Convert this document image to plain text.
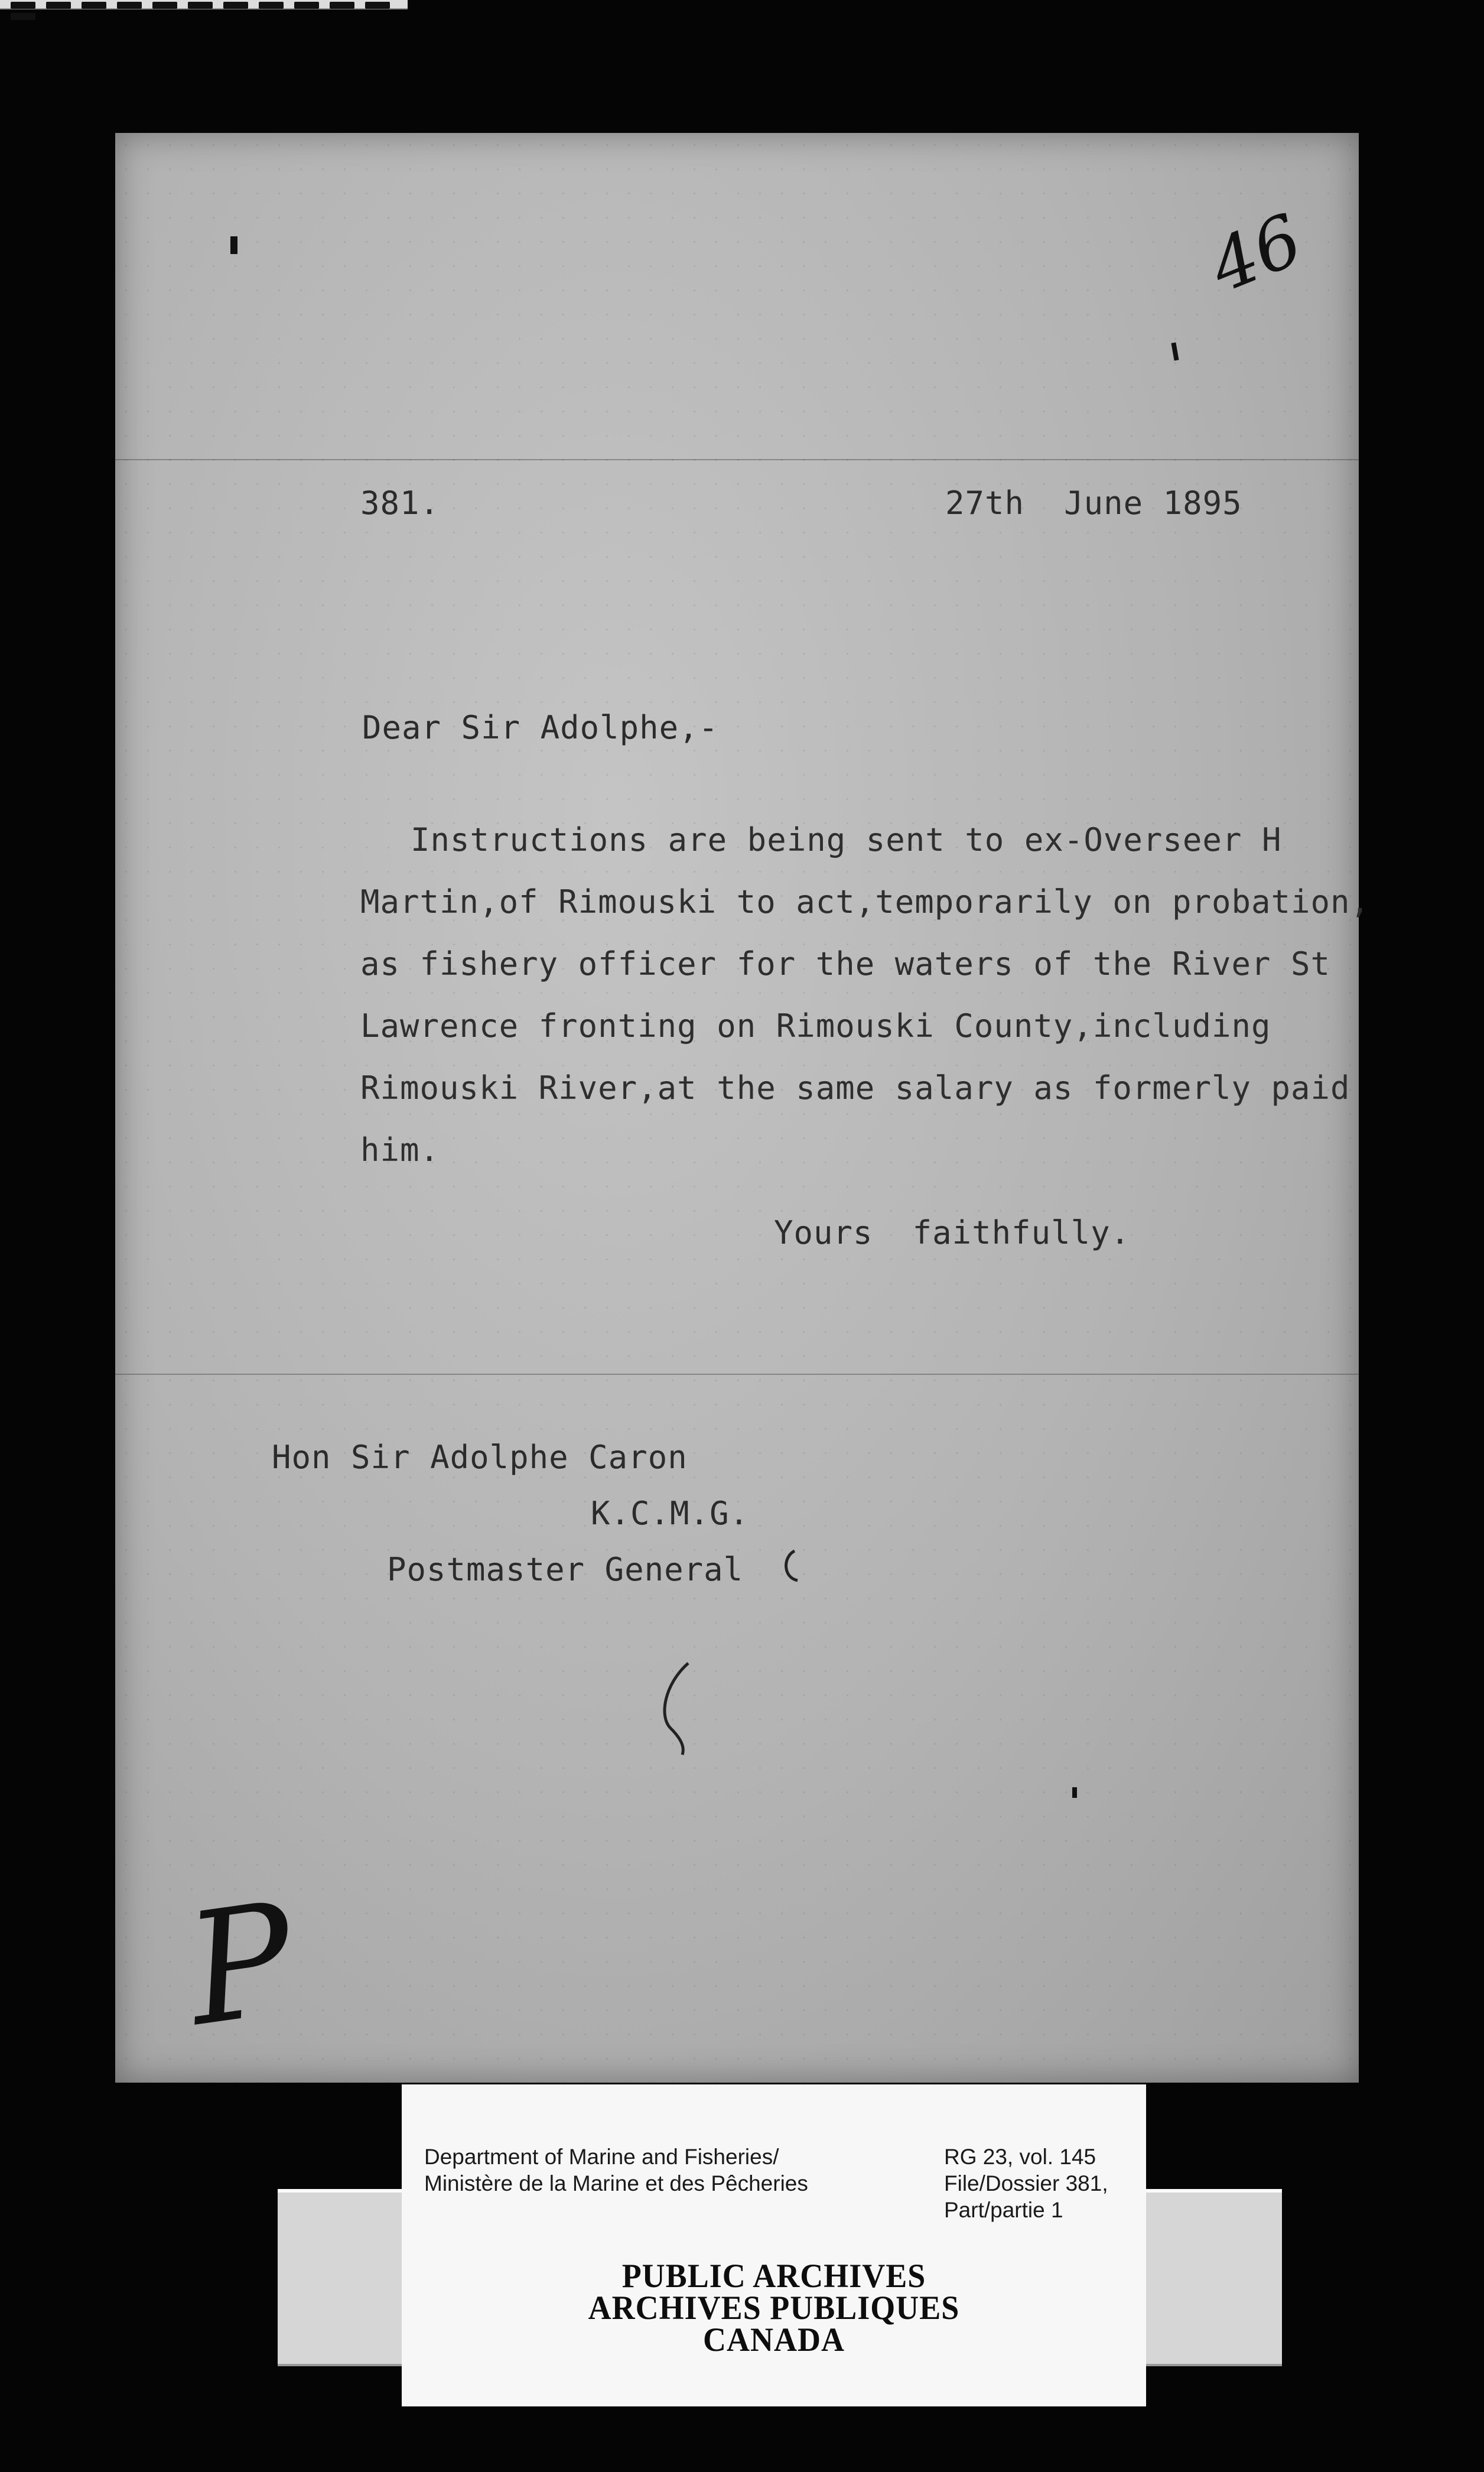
381.	27th  June 1895
Dear Sir Adolphe,-
Instructions are being sent to ex-Overseer H
Martin,of Rimouski to act,temporarily on probation,
as fishery officer for the waters of the River St
Lawrence fronting on Rimouski County,including
Rimouski River,at the same salary as formerly paid
him.
Yours  faithfully.
Hon Sir Adolphe Caron
K.C.M.G.
Postmaster General
46
P
Department of Marine and Fisheries/
Ministère de la Marine et des Pêcheries
RG 23, vol. 145
File/Dossier 381,
Part/partie 1
PUBLIC ARCHIVES
ARCHIVES PUBLIQUES
CANADA
